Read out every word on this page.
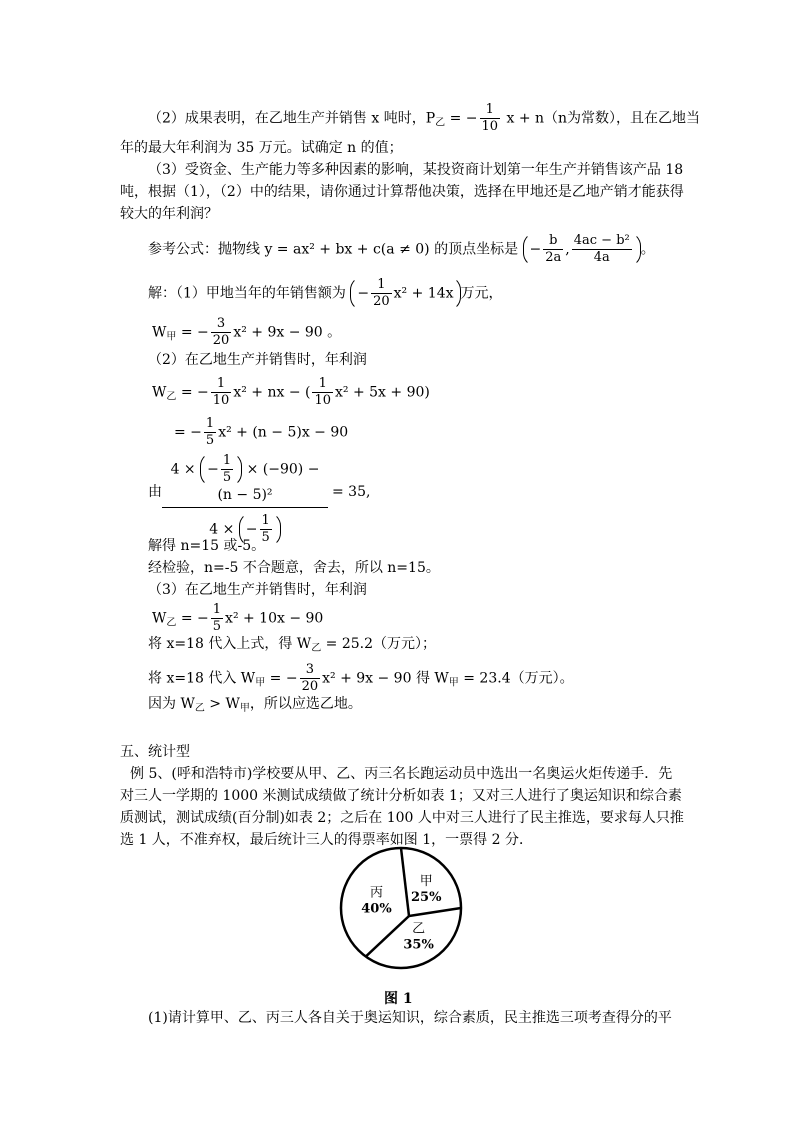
（2）成果表明，在乙地生产并销售 x 吨时，$P_乙$ = − $\frac{1}{10}$ x + n（n为常数），且在乙地当
年的最大年利润为 35 万元。试确定 n 的值；
（3）受资金、生产能力等多种因素的影响，某投资商计划第一年生产并销售该产品 18
吨，根据（1），（2）中的结果，请你通过计算帮他决策，选择在甲地还是乙地产销才能获得
较大的年利润？
参考公式：抛物线 y = ax² + bx + c(a ≠ 0) 的顶点坐标是 − $\frac{b}{2a}$ , $\frac{\text{4ac − b²}}{4a}$ 。
解：（1）甲地当年的年销售额为 − $\frac{1}{20} x^2 + 14x$ 万元，
$W_甲$ = − $\frac{3}{20} x^2 + 9x - 90$ 。
（2）在乙地生产并销售时，年利润
$W_乙$ = − $\frac{1}{10} x^2$ + nx − ( $\frac{1}{10} x^2 + 5x + 90$)
= − $\frac{1}{5} x^2 + (n - 5)x - 90$
由 $\frac{4 \times - \frac{1}{5} \times (-90) - (n - 5)^2}{4 \times - \frac{1}{5}} = 35$,
解得 n=15 或-5。
经检验，n=-5 不合题意，舍去，所以 n=15。
（3）在乙地生产并销售时，年利润
$W_乙$ = − $\frac{1}{5} x^2 + 10x - 90$
将 x=18 代入上式，得 $W_乙 = 25.2$（万元）；
将 x=18 代入 $W_甲$ = − $\frac{3}{20} x^2 + 9x - 90$ 得 $W_甲 = 23.4$（万元）。
因为 $W_乙 > W_甲$，所以应选乙地。
五、统计型
例 5、(呼和浩特市)学校要从甲、乙、丙三名长跑运动员中选出一名奥运火炬传递手．先
对三人一学期的 1000 米测试成绩做了统计分析如表 1；又对三人进行了奥运知识和综合素
质测试，测试成绩(百分制)如表 2；之后在 100 人中对三人进行了民主推选，要求每人只推
选 1 人，不准弃权，最后统计三人的得票率如图 1，一票得 2 分．
甲
25%
乙
35%
丙
40%
图 1
(1)请计算甲、乙、丙三人各自关于奥运知识，综合素质，民主推选三项考查得分的平
